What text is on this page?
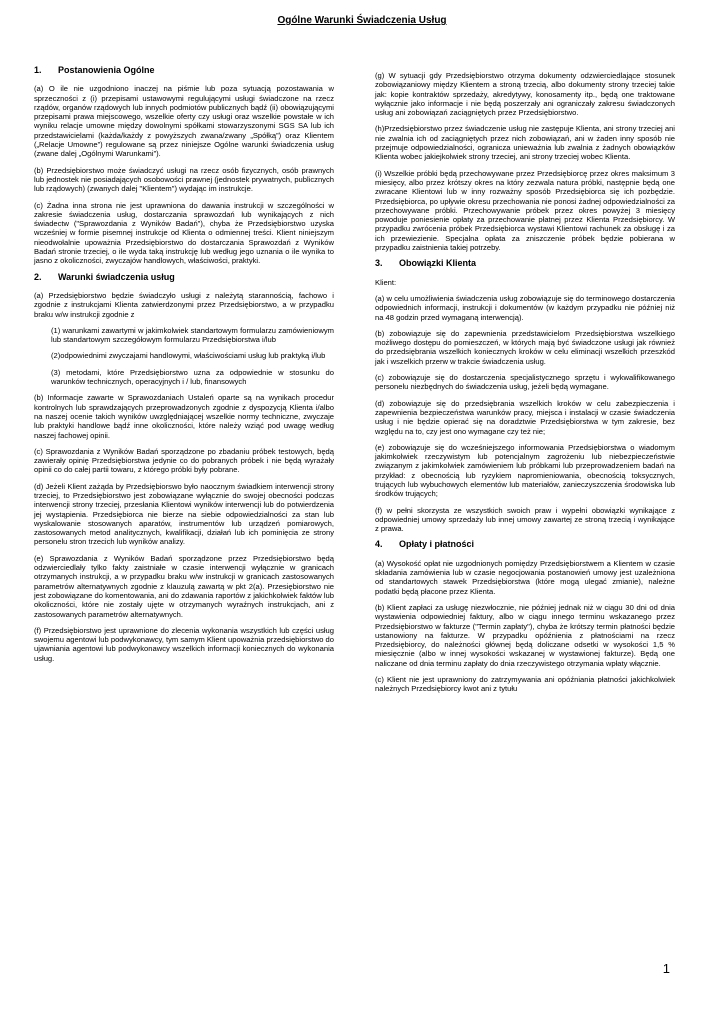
Ogólne Warunki Świadczenia Usług
1. Postanowienia Ogólne

(a) O ile nie uzgodniono inaczej na piśmie lub poza sytuacją pozostawania w sprzeczności z (i) przepisami ustawowymi regulującymi usługi świadczone na rzecz rządów, organów rządowych lub innych podmiotów publicznych bądź (ii) obowiązującymi przepisami prawa miejscowego, wszelkie oferty czy usługi oraz wszelkie powstałe w ich wyniku relacje umowne między dowolnymi spółkami stowarzyszonymi SGS SA lub ich przedstawicielami (każda/każdy z powyższych zwana/zwany „Spółką”) oraz Klientem („Relacje Umowne”) regulowane są przez niniejsze Ogólne warunki świadczenia usług (zwane dalej „Ogólnymi Warunkami”).

(b) Przedsiębiorstwo może świadczyć usługi na rzecz osób fizycznych, osób prawnych lub jednostek nie posiadających osobowości prawnej (jednostek prywatnych, publicznych lub rządowych) (zwanych dalej "Klientem") wydając im instrukcje.

(c) Żadna inna strona nie jest uprawniona do dawania instrukcji w szczególności w zakresie świadczenia usług, dostarczania sprawozdań lub wynikających z nich świadectw ("Sprawozdania z Wyników Badań"), chyba że Przedsiębiorstwo uzyska wcześniej w formie pisemnej instrukcje od Klienta o odmiennej treści. Klient niniejszym nieodwołalnie upoważnia Przedsiębiorstwo do dostarczania Sprawozdań z Wyników Badań stronie trzeciej, o ile wyda taką instrukcję lub według jego uznania o ile wynika to jasno z okoliczności, zwyczajów handlowych, właściwości, praktyki.

2. Warunki świadczenia usług

(a) Przedsiębiorstwo będzie świadczyło usługi z należytą starannością, fachowo i zgodnie z instrukcjami Klienta zatwierdzonymi przez Przedsiębiorstwo, a w przypadku braku w/w instrukcji zgodnie z

(1) warunkami zawartymi w jakimkolwiek standartowym formularzu zamówieniowym lub standartowym szczegółowym formularzu Przedsiębiorstwa i/lub

(2)odpowiednimi zwyczajami handlowymi, właściwościami usług lub praktyką i/lub

(3) metodami, które Przedsiębiorstwo uzna za odpowiednie w stosunku do warunków technicznych, operacyjnych i / lub, finansowych

(b) Informacje zawarte w Sprawozdaniach Ustaleń oparte są na wynikach procedur kontrolnych lub sprawdzających przeprowadzonych zgodnie z dyspozycją Klienta i/albo na naszej ocenie takich wyników uwzględniającej wszelkie normy techniczne, zwyczaje lub praktyki handlowe bądź inne okoliczności, które należy wziąć pod uwagę według naszej fachowej opinii.

(c) Sprawozdania z Wyników Badań sporządzone po zbadaniu próbek testowych, będą zawierały opinię Przedsiębiorstwa jedynie co do pobranych próbek i nie będą wyrażały opinii co do całej partii towaru, z którego próbki były pobrane.

(d) Jeżeli Klient zażąda by Przedsiębiorswo było naocznym świadkiem interwencji strony trzeciej, to Przedsiębiorstwo jest zobowiązane wyłącznie do swojej obecności podczas interwencji strony trzeciej, przesłania Klientowi wyników interwencji lub do potwierdzenia jej wystąpienia. Przedsiębiorca nie bierze na siebie odpowiedzialności za stan lub wyskalowanie stosowanych aparatów, instrumentów lub urządzeń pomiarowych, zastosowanych metod analitycznych, kwalifikacji, działań lub ich pominięcia ze strony personelu stron trzecich lub wyników analizy.

(e) Sprawozdania z Wyników Badań sporządzone przez Przedsiębiorstwo będą odzwierciedlały tylko fakty zaistniałe w czasie interwencji wyłącznie w granicach otrzymanych instrukcji, a w przypadku braku w/w instrukcji w granicach zastosowanych parametrów alternatywnych zgodnie z klauzulą zawartą w pkt 2(a). Przesiębiorstwo nie jest zobowiązane do komentowania, ani do zdawania raportów z jakichkolwiek faktów lub okoliczności, które nie zostały ujęte w otrzymanych wyraźnych instrukcjach, ani z zastosowanych parametrów alternatywnych.

(f) Przedsiębiorstwo jest uprawnione do zlecenia wykonania wszystkich lub części usług swojemu agentowi lub podwykonawcy, tym samym Klient upoważnia przedsiębiorstwo do ujawniania agentowi lub podwykonawcy wszelkich informacji koniecznych do wykonania usług.

(g) W sytuacji gdy Przedsiębiorstwo otrzyma dokumenty odzwierciedlające stosunek zobowiązaniowy między Klientem a stroną trzecią, albo dokumenty strony trzeciej takie jak: kopie kontraktów sprzedaży, akredytywy, konosamenty itp., będą one traktowane wyłącznie jako informacje i nie będą poszerzały ani ograniczały zakresu świadczonych usług ani zobowiązań zaciągniętych przez Przedsiębiorstwo.

(h)Przedsiębiorstwo przez świadczenie usług nie zastępuje Klienta, ani strony trzeciej ani nie zwalnia ich od zaciągniętych przez nich zobowiązań, ani w żaden inny sposób nie przejmuje odpowiedzialności, ogranicza unieważnia lub zwalnia z żadnych obowiązków Klienta wobec jakiejkolwiek strony trzeciej, ani strony trzeciej wobec Klienta.

(i) Wszelkie próbki będą przechowywane przez Przedsiębiorcę przez okres maksimum 3 miesięcy, albo przez krótszy okres na który zezwala natura próbki, następnie będą one zwracane Klientowi lub w inny rozważny sposób Przedsiębiorca się ich pozbędzie. Przedsiębiorca, po upływie okresu przechowania nie ponosi żadnej odpowiedzialności za przechowywane próbki. Przechowywanie próbek przez okres powyżej 3 miesięcy powoduje poniesienie opłaty za przechowanie płatnej przez Klienta Przedsiębiorcy. W przypadku zwrócenia próbek Przedsiębiorca wystawi Klientowi rachunek za obsługę i za ich przewiezienie. Specjalna opłata za zniszczenie próbek będzie pobierana w przypadku zaistnienia takiej potrzeby.

3. Obowiązki Klienta

Klient:

(a) w celu umożliwienia świadczenia usług zobowiązuje się do terminowego dostarczenia odpowiednich informacji, instrukcji i dokumentów (w każdym przypadku nie później niż na 48 godzin przed wymaganą interwencją).

(b) zobowiązuje się do zapewnienia przedstawicielom Przedsiębiorstwa wszelkiego możliwego dostępu do pomieszczeń, w których mają być świadczone usługi jak również do przedsiębrania wszelkich koniecznych kroków w celu eliminacji wszelkich przeszkód jak i wszelkich przerw w trakcie świadczenia usług.

(c) zobowiązuje się do dostarczenia specjalistycznego sprzętu i wykwalifikowanego personelu niezbędnych do świadczenia usług, jeżeli będą wymagane.

(d) zobowiązuje się do przedsiębrania wszelkich kroków w celu zabezpieczenia i zapewnienia bezpieczeństwa warunków pracy, miejsca i instalacji w czasie świadczenia usług i nie będzie opierać się na doradztwie Przedsiębiorstwa w tym zakresie, bez względu na to, czy jest ono wymagane czy też nie;

(e) zobowiązuje się do wcześniejszego informowania Przedsiębiorstwa o wiadomym jakimkolwiek rzeczywistym lub potencjalnym zagrożeniu lub niebezpieczeństwie związanym z jakimkolwiek zamówieniem lub próbkami lub przeprowadzeniem badań na przykład: z obecnością lub ryzykiem napromieniowania, obecnością toksycznych, trujących lub wybuchowych elementów lub materiałów, zanieczyszczenia środowiska lub środków trujących;

(f) w pełni skorzysta ze wszystkich swoich praw i wypełni obowiązki wynikające z odpowiedniej umowy sprzedaży lub innej umowy zawartej ze stroną trzecią i wynikające z prawa.

4. Opłaty i płatności

(a) Wysokość opłat nie uzgodnionych pomiędzy Przedsiębiorstwem a Klientem w czasie składania zamówienia lub w czasie negocjowania postanowień umowy jest uzależniona od standartowych stawek Przedsiębiorstwa (które mogą ulegać zmianie), należne podatki będą płacone przez Klienta.

(b) Klient zapłaci za usługę niezwłocznie, nie później jednak niż w ciągu 30 dni od dnia wystawienia odpowiedniej faktury, albo w ciągu innego terminu wskazanego przez Przedsiębiorstwo w fakturze ("Termin zapłaty"), chyba że krótszy termin płatności będzie ustanowiony na fakturze. W przypadku opóźnienia z płatnościami na rzecz Przedsiębiorcy, do należności głównej będą doliczane odsetki w wysokości 1,5 % miesięcznie (albo w innej wysokości wskazanej w wystawionej fakturze). Będą one naliczane od dnia terminu zapłaty do dnia rzeczywistego otrzymania wpłaty włącznie.

(c) Klient nie jest uprawniony do zatrzymywania ani opóźniania płatności jakichkolwiek należnych Przedsiębiorcy kwot ani z tytułu

1
